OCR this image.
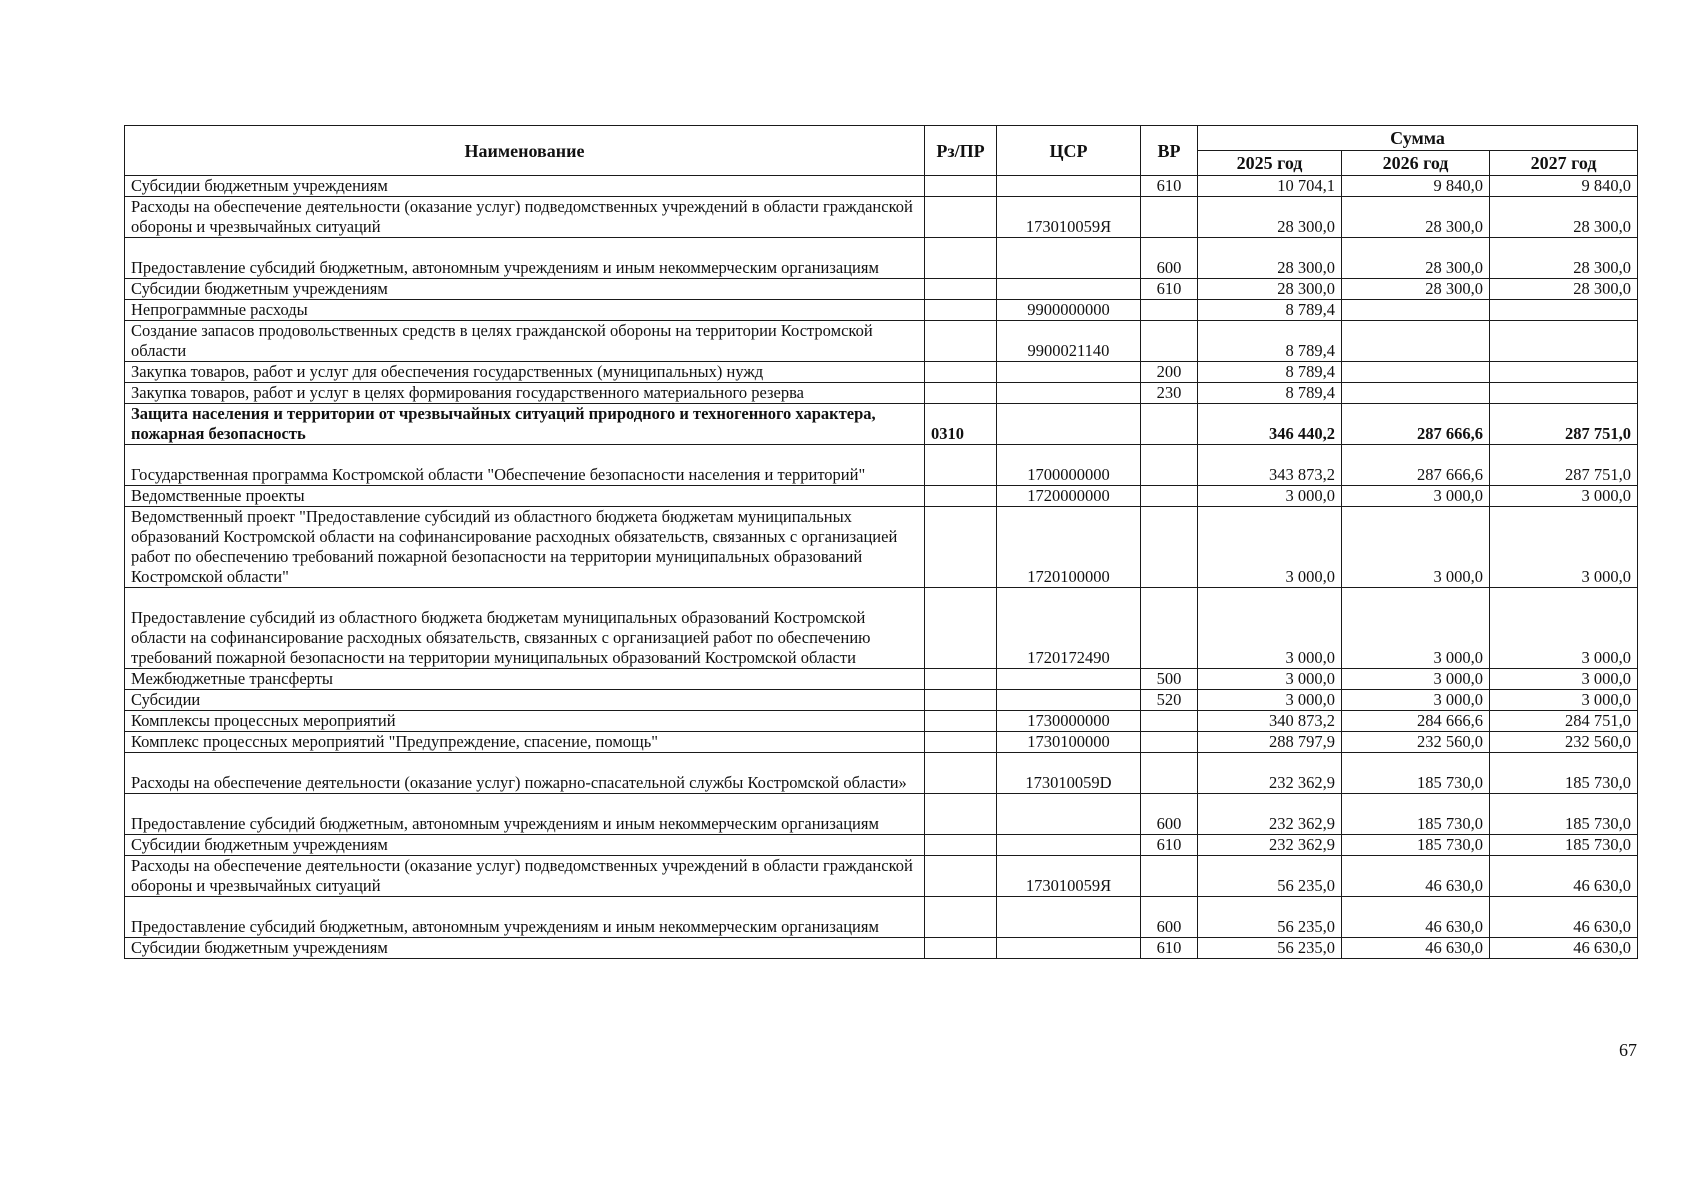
Наименование	Рз/ПР	ЦСР	ВР	Сумма		
				2025 год	2026 год	2027 год
Субсидии бюджетным учреждениям			610	10 704,1	9 840,0	9 840,0
Расходы на обеспечение деятельности (оказание услуг) подведомственных учреждений в области гражданской обороны и чрезвычайных ситуаций		173010059Я		28 300,0	28 300,0	28 300,0
Предоставление субсидий бюджетным, автономным учреждениям и иным некоммерческим организациям			600	28 300,0	28 300,0	28 300,0
Субсидии бюджетным учреждениям			610	28 300,0	28 300,0	28 300,0
Непрограммные расходы		9900000000		8 789,4		
Создание запасов продовольственных средств в целях гражданской обороны на территории Костромской области		9900021140		8 789,4		
Закупка товаров, работ и услуг для обеспечения государственных (муниципальных) нужд			200	8 789,4		
Закупка товаров, работ и услуг в целях формирования государственного материального резерва			230	8 789,4		
Защита населения и территории от чрезвычайных ситуаций природного и техногенного характера, пожарная безопасность	0310			346 440,2	287 666,6	287 751,0
Государственная программа Костромской области "Обеспечение безопасности населения и территорий"		1700000000		343 873,2	287 666,6	287 751,0
Ведомственные проекты		1720000000		3 000,0	3 000,0	3 000,0
Ведомственный проект "Предоставление субсидий из областного бюджета бюджетам муниципальных образований Костромской области на софинансирование расходных обязательств, связанных с организацией работ по обеспечению требований пожарной безопасности на территории муниципальных образований Костромской области"		1720100000		3 000,0	3 000,0	3 000,0
Предоставление субсидий из областного бюджета бюджетам муниципальных образований Костромской области на софинансирование расходных обязательств, связанных с организацией работ по обеспечению требований пожарной безопасности на территории муниципальных образований Костромской области		1720172490		3 000,0	3 000,0	3 000,0
Межбюджетные трансферты			500	3 000,0	3 000,0	3 000,0
Субсидии			520	3 000,0	3 000,0	3 000,0
Комплексы процессных мероприятий		1730000000		340 873,2	284 666,6	284 751,0
Комплекс процессных мероприятий "Предупреждение, спасение, помощь"		1730100000		288 797,9	232 560,0	232 560,0
Расходы на обеспечение деятельности (оказание услуг) пожарно-спасательной службы Костромской области»		173010059D		232 362,9	185 730,0	185 730,0
Предоставление субсидий бюджетным, автономным учреждениям и иным некоммерческим организациям			600	232 362,9	185 730,0	185 730,0
Субсидии бюджетным учреждениям			610	232 362,9	185 730,0	185 730,0
Расходы на обеспечение деятельности (оказание услуг) подведомственных учреждений в области гражданской обороны и чрезвычайных ситуаций		173010059Я		56 235,0	46 630,0	46 630,0
Предоставление субсидий бюджетным, автономным учреждениям и иным некоммерческим организациям			600	56 235,0	46 630,0	46 630,0
Субсидии бюджетным учреждениям			610	56 235,0	46 630,0	46 630,0
67
